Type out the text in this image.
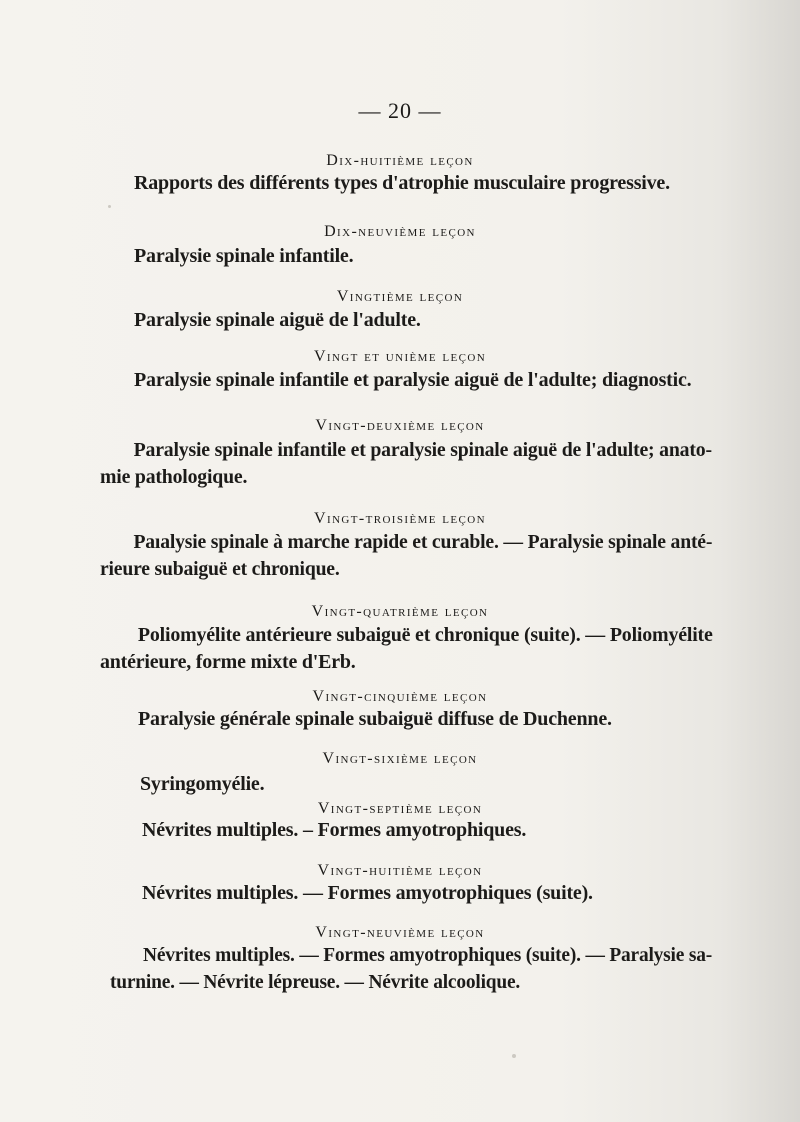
— 20 —
Dix-huitième leçon
Rapports des différents types d'atrophie musculaire progressive.
Dix-neuvième leçon
Paralysie spinale infantile.
Vingtième leçon
Paralysie spinale aiguë de l'adulte.
Vingt et unième leçon
Paralysie spinale infantile et paralysie aiguë de l'adulte; diagnostic.
Vingt-deuxième leçon
Paralysie spinale infantile et paralysie spinale aiguë de l'adulte; anato-
mie pathologique.
Vingt-troisième leçon
Paıalysie spinale à marche rapide et curable. — Paralysie spinale anté-
rieure subaiguë et chronique.
Vingt-quatrième leçon
Poliomyélite antérieure subaiguë et chronique (suite). — Poliomyélite
antérieure, forme mixte d'Erb.
Vingt-cinquième leçon
Paralysie générale spinale subaiguë diffuse de Duchenne.
Vingt-sixième leçon
Syringomyélie.
Vingt-septième leçon
Névrites multiples. – Formes amyotrophiques.
Vingt-huitième leçon
Névrites multiples. — Formes amyotrophiques (suite).
Vingt-neuvième leçon
Névrites multiples. — Formes amyotrophiques (suite). — Paralysie sa-
turnine. — Névrite lépreuse. — Névrite alcoolique.
